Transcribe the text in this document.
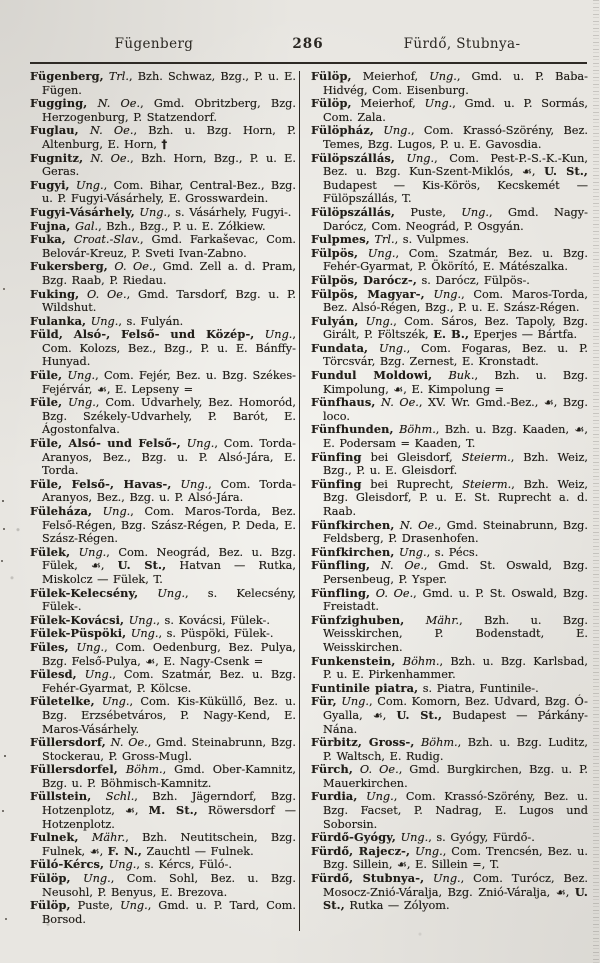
Fügenberg	286	Fürdő, Stubnya-

Fügenberg, Trl., Bzh. Schwaz, Bzg., P. u. E. Fügen.

Fugging, N. Oe., Gmd. Obritzberg, Bzg. Herzogenburg, P. Statzendorf.

Fuglau, N. Oe., Bzh. u. Bzg. Horn, P. Altenburg, E. Horn, †

Fugnitz, N. Oe., Bzh. Horn, Bzg., P. u. E. Geras.

Fugyi, Ung., Com. Bihar, Central-Bez., Bzg. u. P. Fugyi-Vásárhely, E. Grosswardein.

Fugyi-Vásárhely, Ung., s. Vásárhely, Fugyi-.

Fujna, Gal., Bzh., Bzg., P. u. E. Zółkiew.

Fuka, Croat.-Slav., Gmd. Farkaševac, Com. Belovár-Kreuz, P. Sveti Ivan-Zabno.

Fukersberg, O. Oe., Gmd. Zell a. d. Pram, Bzg. Raab, P. Riedau.

Fuking, O. Oe., Gmd. Tarsdorf, Bzg. u. P. Wildshut.

Fulanka, Ung., s. Fulyán.

Füld, Alsó-, Felső- und Közép-, Ung., Com. Kolozs, Bez., Bzg., P. u. E. Bánffy-Hunyad.

Füle, Ung., Com. Fejér, Bez. u. Bzg. Székes-Fejérvár, ☙, E. Lepseny =

Füle, Ung., Com. Udvarhely, Bez. Homoród, Bzg. Székely-Udvarhely, P. Barót, E. Ágostonfalva.

Füle, Alsó- und Felső-, Ung., Com. Torda-Aranyos, Bez., Bzg. u. P. Alsó-Jára, E. Torda.

Füle, Felső-, Havas-, Ung., Com. Torda-Aranyos, Bez., Bzg. u. P. Alsó-Jára.

Füleháza, Ung., Com. Maros-Torda, Bez. Felső-Régen, Bzg. Szász-Régen, P. Deda, E. Szász-Régen.

Fülek, Ung., Com. Neográd, Bez. u. Bzg. Fülek, ☙, U. St., Hatvan — Rutka, Miskolcz — Fülek, T.

Fülek-Kelecsény, Ung., s. Kelecsény, Fülek-.

Fülek-Kovácsi, Ung., s. Kovácsi, Fülek-.

Fülek-Püspöki, Ung., s. Püspöki, Fülek-.

Füles, Ung., Com. Oedenburg, Bez. Pulya, Bzg. Felső-Pulya, ☙, E. Nagy-Csenk =

Fülesd, Ung., Com. Szatmár, Bez. u. Bzg. Fehér-Gyarmat, P. Kölcse.

Fületelke, Ung., Com. Kis-Küküllő, Bez. u. Bzg. Erzsébetváros, P. Nagy-Kend, E. Maros-Vásárhely.

Füllersdorf, N. Oe., Gmd. Steinabrunn, Bzg. Stockerau, P. Gross-Mugl.

Füllersdorfel, Böhm., Gmd. Ober-Kamnitz, Bzg. u. P. Böhmisch-Kamnitz.

Füllstein, Schl., Bzh. Jägerndorf, Bzg. Hotzenplotz, ☙, M. St., Röwersdorf — Hotzenplotz.

Fulnek, Mähr., Bzh. Neutitschein, Bzg. Fulnek, ☙, F. N., Zauchtl — Fulnek.

Füló-Kércs, Ung., s. Kércs, Füló-.

Fülöp, Ung., Com. Sohl, Bez. u. Bzg. Neusohl, P. Benyus, E. Brezova.

Fülöp, Puste, Ung., Gmd. u. P. Tard, Com. Borsod.

Fülöp, Meierhof, Ung., Gmd. u. P. Baba-Hidvég, Com. Eisenburg.

Fülöp, Meierhof, Ung., Gmd. u. P. Sormás, Com. Zala.

Fülöpház, Ung., Com. Krassó-Szörény, Bez. Temes, Bzg. Lugos, P. u. E. Gavosdia.

Fülöpszállás, Ung., Com. Pest-P.-S.-K.-Kun, Bez. u. Bzg. Kun-Szent-Miklós, ☙, U. St., Budapest — Kis-Körös, Kecskemét — Fülöpszállás, T.

Fülöpszállás, Puste, Ung., Gmd. Nagy-Darócz, Com. Neográd, P. Osgyán.

Fulpmes, Trl., s. Vulpmes.

Fülpös, Ung., Com. Szatmár, Bez. u. Bzg. Fehér-Gyarmat, P. Ökörító, E. Mátészalka.

Fülpös, Darócz-, s. Darócz, Fülpös-.

Fülpös, Magyar-, Ung., Com. Maros-Torda, Bez. Alsó-Régen, Bzg., P. u. E. Szász-Régen.

Fulyán, Ung., Com. Sáros, Bez. Tapoly, Bzg. Girált, P. Föltszék, E. B., Eperjes — Bártfa.

Fundata, Ung., Com. Fogaras, Bez. u. P. Törcsvár, Bzg. Zernest, E. Kronstadt.

Fundul Moldowi, Buk., Bzh. u. Bzg. Kimpolung, ☙, E. Kimpolung =

Fünfhaus, N. Oe., XV. Wr. Gmd.-Bez., ☙, Bzg. loco.

Fünfhunden, Böhm., Bzh. u. Bzg. Kaaden, ☙, E. Podersam = Kaaden, T.

Fünfing bei Gleisdorf, Steierm., Bzh. Weiz, Bzg., P. u. E. Gleisdorf.

Fünfing bei Ruprecht, Steierm., Bzh. Weiz, Bzg. Gleisdorf, P. u. E. St. Ruprecht a. d. Raab.

Fünfkirchen, N. Oe., Gmd. Steinabrunn, Bzg. Feldsberg, P. Drasenhofen.

Fünfkirchen, Ung., s. Pécs.

Fünfling, N. Oe., Gmd. St. Oswald, Bzg. Persenbeug, P. Ysper.

Fünfling, O. Oe., Gmd. u. P. St. Oswald, Bzg. Freistadt.

Fünfzighuben, Mähr., Bzh. u. Bzg. Weisskirchen, P. Bodenstadt, E. Weisskirchen.

Funkenstein, Böhm., Bzh. u. Bzg. Karlsbad, P. u. E. Pirkenhammer.

Funtinile piatra, s. Piatra, Funtinile-.

Für, Ung., Com. Komorn, Bez. Udvard, Bzg. Ó-Gyalla, ☙, U. St., Budapest — Párkány-Nána.

Fürbitz, Gross-, Böhm., Bzh. u. Bzg. Luditz, P. Waltsch, E. Rudig.

Fürch, O. Oe., Gmd. Burgkirchen, Bzg. u. P. Mauerkirchen.

Furdia, Ung., Com. Krassó-Szörény, Bez. u. Bzg. Facset, P. Nadrag, E. Lugos und Soborsin.

Fürdő-Gyógy, Ung., s. Gyógy, Fürdő-.

Fürdő, Rajecz-, Ung., Com. Trencsén, Bez. u. Bzg. Sillein, ☙, E. Sillein =, T.

Fürdő, Stubnya-, Ung., Com. Turócz, Bez. Mosocz-Znió-Váralja, Bzg. Znió-Váralja, ☙, U. St., Rutka — Zólyom.
